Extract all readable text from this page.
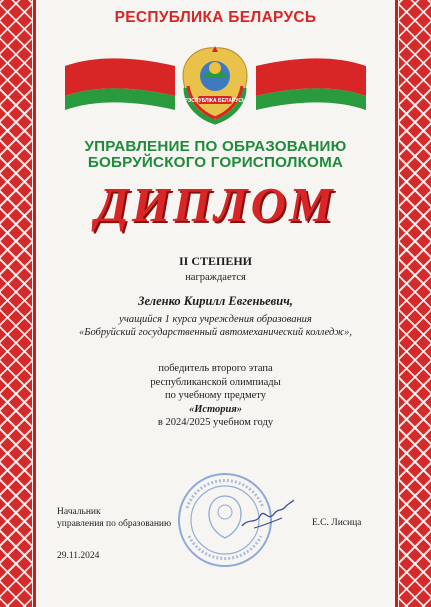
РЕСПУБЛИКА БЕЛАРУСЬ
РЭСПУБЛІКА БЕЛАРУСЬ
УПРАВЛЕНИЕ ПО ОБРАЗОВАНИЮ
БОБРУЙСКОГО ГОРИСПОЛКОМА
ДИПЛОМ
II СТЕПЕНИ
награждается
Зеленко Кирилл Евгеньевич,
учащийся 1 курса учреждения образования
«Бобруйский государственный автомеханический колледж»,
победитель второго этапа
республиканской олимпиады
по учебному предмету
«История»
в 2024/2025 учебном году
Начальник
управления по образованию	Е.С. Лисица
29.11.2024
